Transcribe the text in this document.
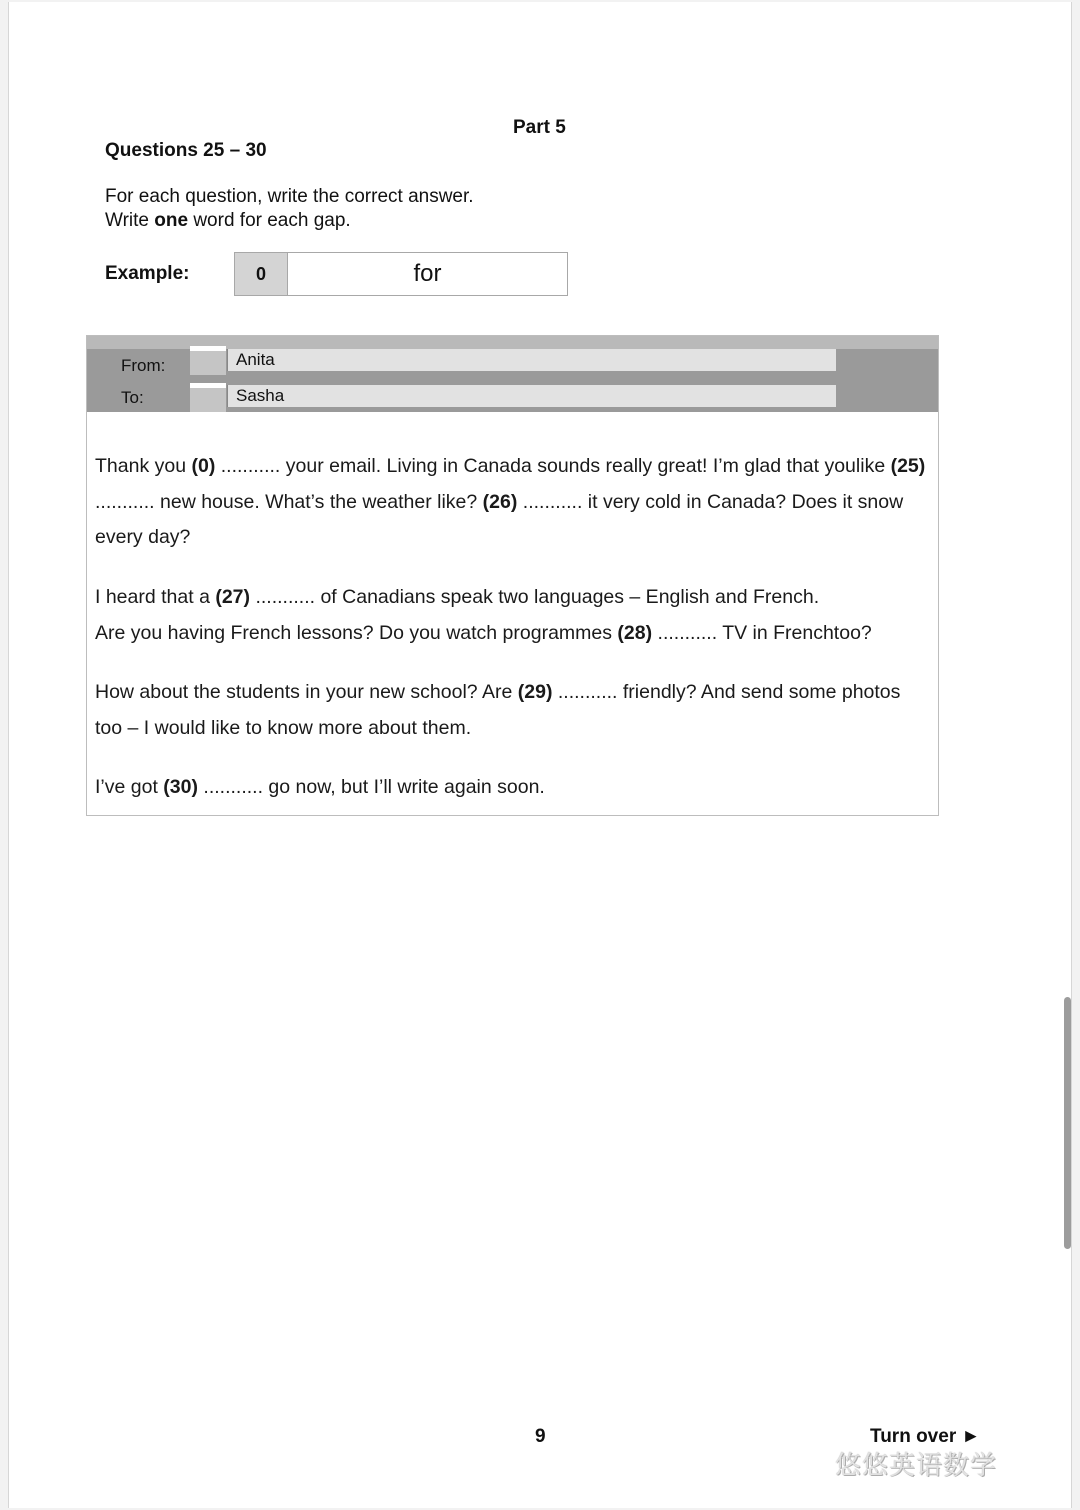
Part 5
Questions 25 – 30
For each question, write the correct answer.
Write one word for each gap.
Example:	0	for
From:	Anita
To:	Sasha
Thank you (0) ........... your email. Living in Canada sounds really great! I’m glad that youlike (25) ........... new house. What’s the weather like? (26) ........... it very cold in Canada? Does it snow every day?
I heard that a (27) ........... of Canadians speak two languages – English and French.
Are you having French lessons? Do you watch programmes (28) ........... TV in Frenchtoo?
How about the students in your new school? Are (29) ........... friendly? And send some photos too – I would like to know more about them.
I’ve got (30) ........... go now, but I’ll write again soon.
9	Turn over ►
悠悠英语数学
